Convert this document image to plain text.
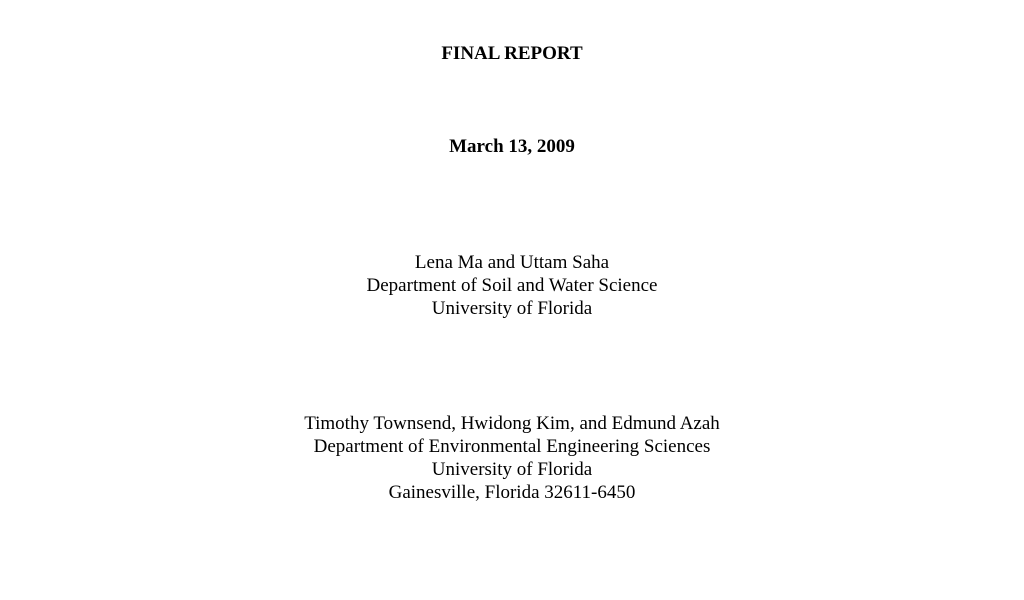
FINAL REPORT
March 13, 2009
Lena Ma and Uttam Saha
Department of Soil and Water Science
University of Florida
Timothy Townsend, Hwidong Kim, and Edmund Azah
Department of Environmental Engineering Sciences
University of Florida
Gainesville, Florida 32611-6450
